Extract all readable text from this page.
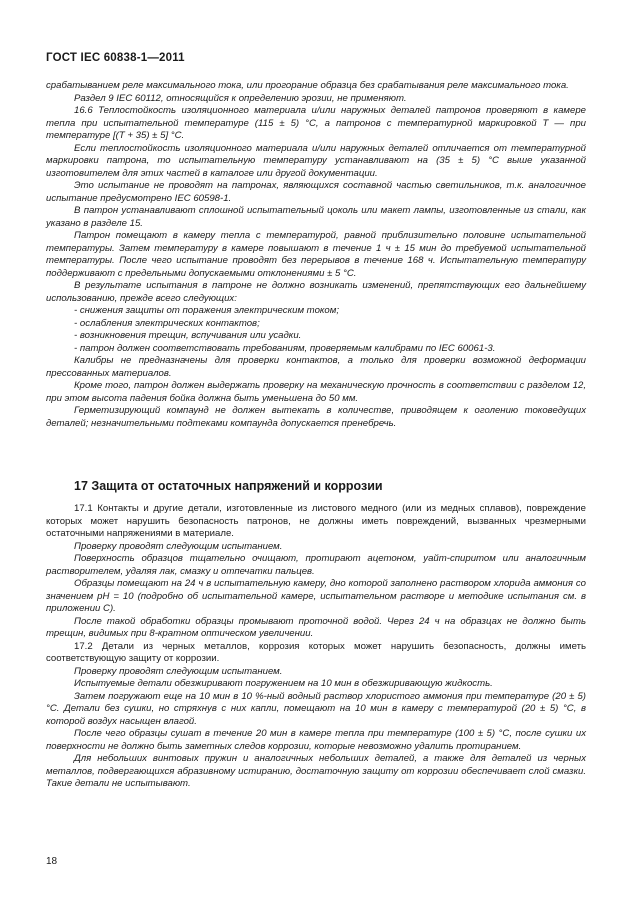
ГОСТ IEC 60838-1—2011

срабатыванием реле максимального тока, или прогорание образца без срабатывания реле максимального тока.

Раздел 9 IEC 60112, относящийся к определению эрозии, не применяют.

16.6 Теплостойкость изоляционного материала и/или наружных деталей патронов проверяют в камере тепла при испытательной температуре (115 ± 5) °С, а патронов с температурной маркировкой Т — при температуре [(Т + 35) ± 5] °С.

Если теплостойкость изоляционного материала и/или наружных деталей отличается от температурной маркировки патрона, то испытательную температуру устанавливают на (35 ± 5) °С выше указанной изготовителем для этих частей в каталоге или другой документации.

Это испытание не проводят на патронах, являющихся составной частью светильников, т.к. аналогичное испытание предусмотрено IEC 60598-1.

В патрон устанавливают сплошной испытательный цоколь или макет лампы, изготовленные из стали, как указано в разделе 15.

Патрон помещают в камеру тепла с температурой, равной приблизительно половине испытательной температуры. Затем температуру в камере повышают в течение 1 ч ± 15 мин до требуемой испытательной температуры. После чего испытание проводят без перерывов в течение 168 ч. Испытательную температуру поддерживают с предельными допускаемыми отклонениями ± 5 °С.

В результате испытания в патроне не должно возникать изменений, препятствующих его дальнейшему использованию, прежде всего следующих:

- снижения защиты от поражения электрическим током;

- ослабления электрических контактов;

- возникновения трещин, вспучивания или усадки.

- патрон должен соответствовать требованиям, проверяемым калибрами по IEC 60061-3.

Калибры не предназначены для проверки контактов, а только для проверки возможной деформации прессованных материалов.

Кроме того, патрон должен выдержать проверку на механическую прочность в соответствии с разделом 12, при этом высота падения бойка должна быть уменьшена до 50 мм.

Герметизирующий компаунд не должен вытекать в количестве, приводящем к оголению токоведущих деталей; незначительными подтеками компаунда допускается пренебречь.

17 Защита от остаточных напряжений и коррозии

17.1 Контакты и другие детали, изготовленные из листового медного (или из медных сплавов), повреждение которых может нарушить безопасность патронов, не должны иметь повреждений, вызванных чрезмерными остаточными напряжениями в материале.

Проверку проводят следующим испытанием.

Поверхность образцов тщательно очищают, протирают ацетоном, уайт-спиритом или аналогичным растворителем, удаляя лак, смазку и отпечатки пальцев.

Образцы помещают на 24 ч в испытательную камеру, дно которой заполнено раствором хлорида аммония со значением pH = 10 (подробно об испытательной камере, испытательном растворе и методике испытания см. в приложении С).

После такой обработки образцы промывают проточной водой. Через 24 ч на образцах не должно быть трещин, видимых при 8-кратном оптическом увеличении.

17.2 Детали из черных металлов, коррозия которых может нарушить безопасность, должны иметь соответствующую защиту от коррозии.

Проверку проводят следующим испытанием.

Испытуемые детали обезжиривают погружением на 10 мин в обезжиривающую жидкость.

Затем погружают еще на 10 мин в 10 %-ный водный раствор хлористого аммония при температуре (20 ± 5) °С. Детали без сушки, но стряхнув с них капли, помещают на 10 мин в камеру с температурой (20 ± 5) °С, в которой воздух насыщен влагой.

После чего образцы сушат в течение 20 мин в камере тепла при температуре (100 ± 5) °С, после сушки их поверхности не должно быть заметных следов коррозии, которые невозможно удалить протиранием.

Для небольших винтовых пружин и аналогичных небольших деталей, а также для деталей из черных металлов, подвергающихся абразивному истиранию, достаточную защиту от коррозии обеспечивает слой смазки. Такие детали не испытывают.

18
